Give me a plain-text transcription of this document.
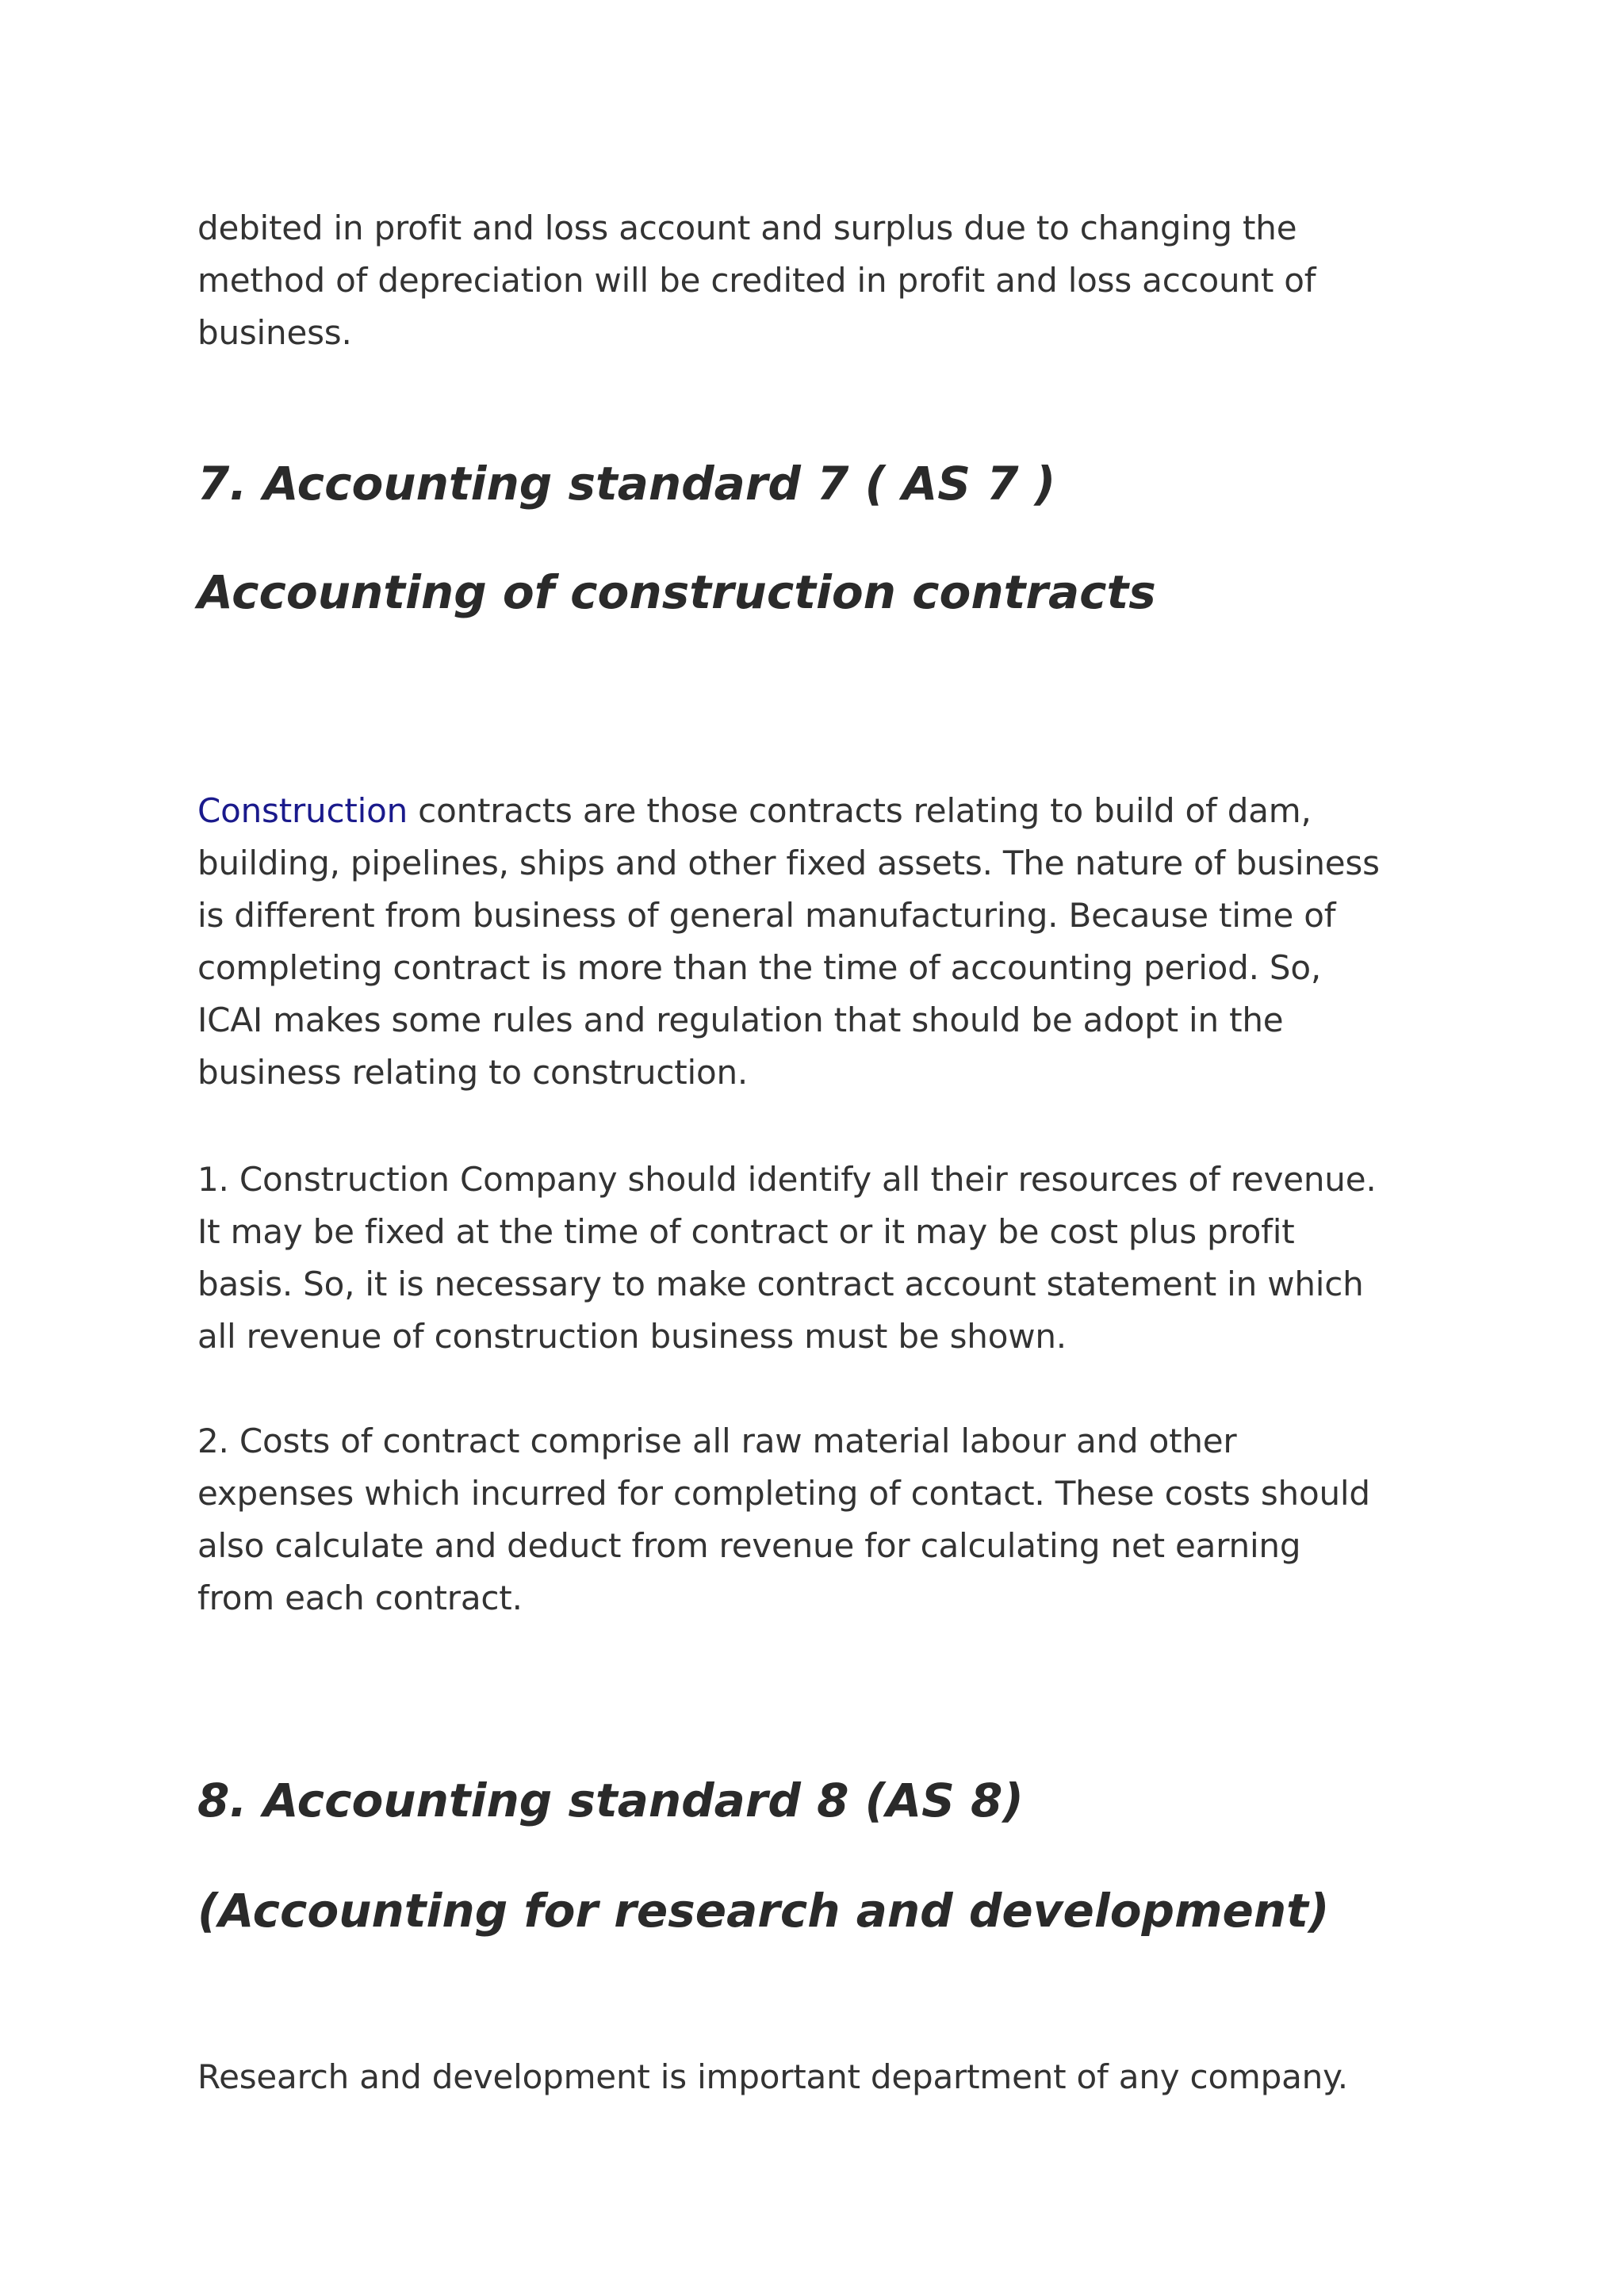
debited in profit and loss account and surplus due to changing the
method of depreciation will be credited in profit and loss account of
business.

7. Accounting standard 7 ( AS 7 )
Accounting of construction contracts

Construction contracts are those contracts relating to build of dam,
building, pipelines, ships and other fixed assets. The nature of business
is different from business of general manufacturing. Because time of
completing contract is more than the time of accounting period. So,
ICAI makes some rules and regulation that should be adopt in the
business relating to construction.

1. Construction Company should identify all their resources of revenue.
It may be fixed at the time of contract or it may be cost plus profit
basis. So, it is necessary to make contract account statement in which
all revenue of construction business must be shown.

2. Costs of contract comprise all raw material labour and other
expenses which incurred for completing of contact. These costs should
also calculate and deduct from revenue for calculating net earning
from each contract.

8. Accounting standard 8 (AS 8)
(Accounting for research and development)

Research and development is important department of any company.
